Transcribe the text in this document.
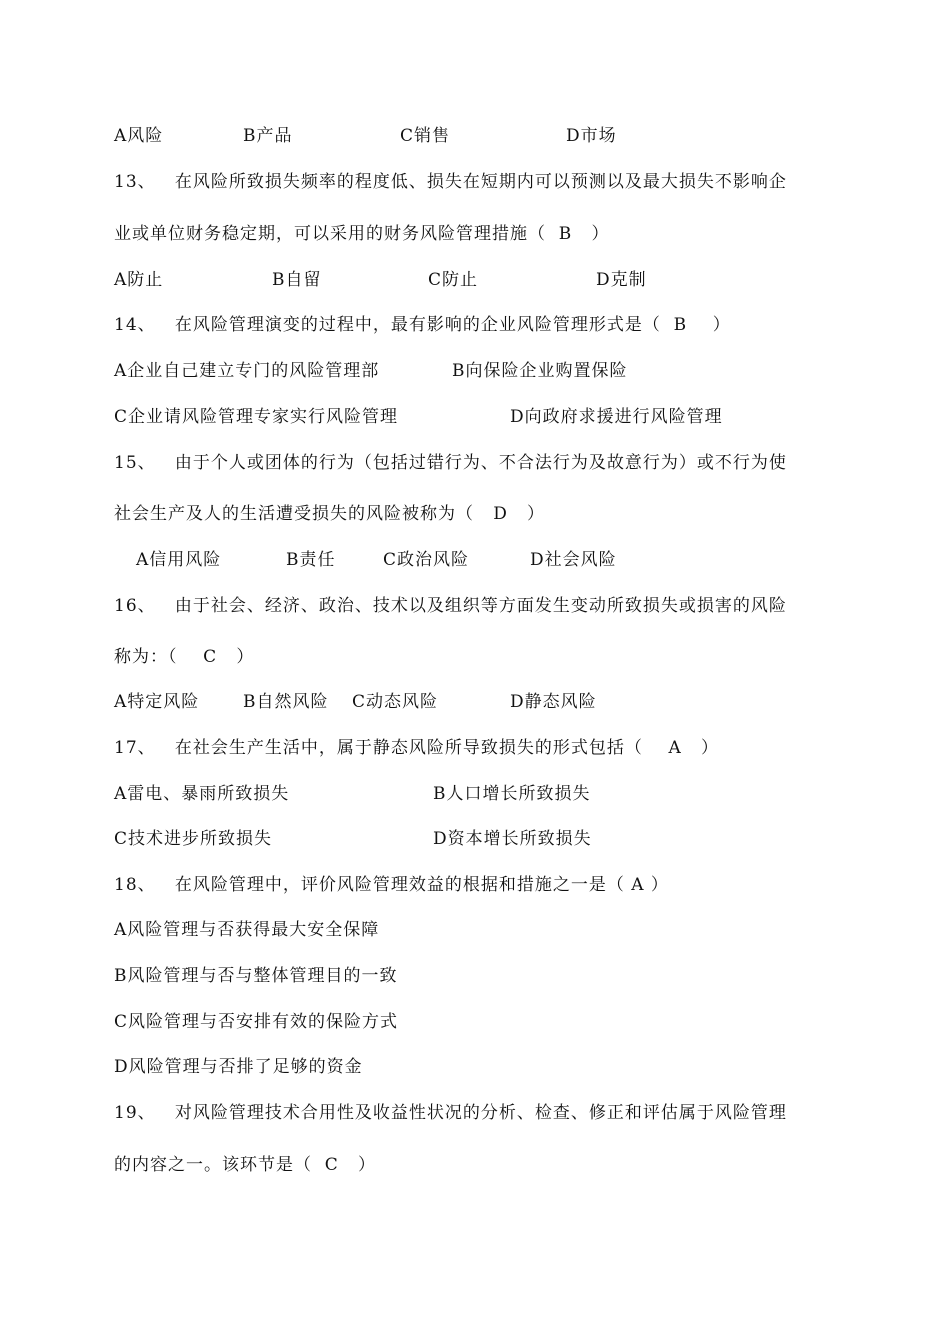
A风险	B产品	C销售	D市场
13、   在风险所致损失频率的程度低、损失在短期内可以预测以及最大损失不影响企
业或单位财务稳定期，可以采用的财务风险管理措施（  B   ）
A防止	B自留	C防止	D克制
14、   在风险管理演变的过程中，最有影响的企业风险管理形式是（  B    ）
A企业自己建立专门的风险管理部	B向保险企业购置保险
C企业请风险管理专家实行风险管理	D向政府求援进行风险管理
15、   由于个人或团体的行为（包括过错行为、不合法行为及故意行为）或不行为使
社会生产及人的生活遭受损失的风险被称为（   D   ）
A信用风险	B责任	C政治风险	D社会风险
16、   由于社会、经济、政治、技术以及组织等方面发生变动所致损失或损害的风险
称为：（    C   ）
A特定风险	B自然风险 C动态风险	D静态风险
17、   在社会生产生活中，属于静态风险所导致损失的形式包括（    A   ）
A雷电、暴雨所致损失	B人口增长所致损失
C技术进步所致损失	D资本增长所致损失
18、   在风险管理中，评价风险管理效益的根据和措施之一是（ A ）
A风险管理与否获得最大安全保障
B风险管理与否与整体管理目的一致
C风险管理与否安排有效的保险方式
D风险管理与否排了足够的资金
19、   对风险管理技术合用性及收益性状况的分析、检查、修正和评估属于风险管理
的内容之一。该环节是（  C   ）
